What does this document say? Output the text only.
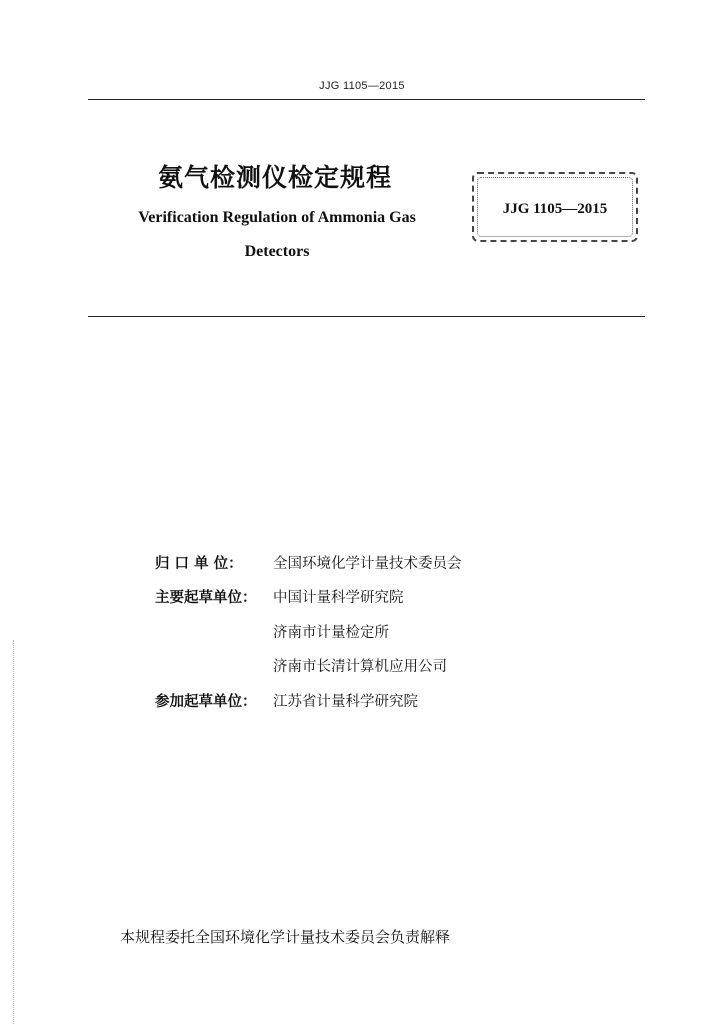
JJG 1105—2015
氨气检测仪检定规程
Verification Regulation of Ammonia Gas
Detectors
JJG 1105—2015
归 口 单 位：	全国环境化学计量技术委员会
主要起草单位：	中国计量科学研究院
济南市计量检定所
济南市长清计算机应用公司
参加起草单位：	江苏省计量科学研究院
本规程委托全国环境化学计量技术委员会负责解释
